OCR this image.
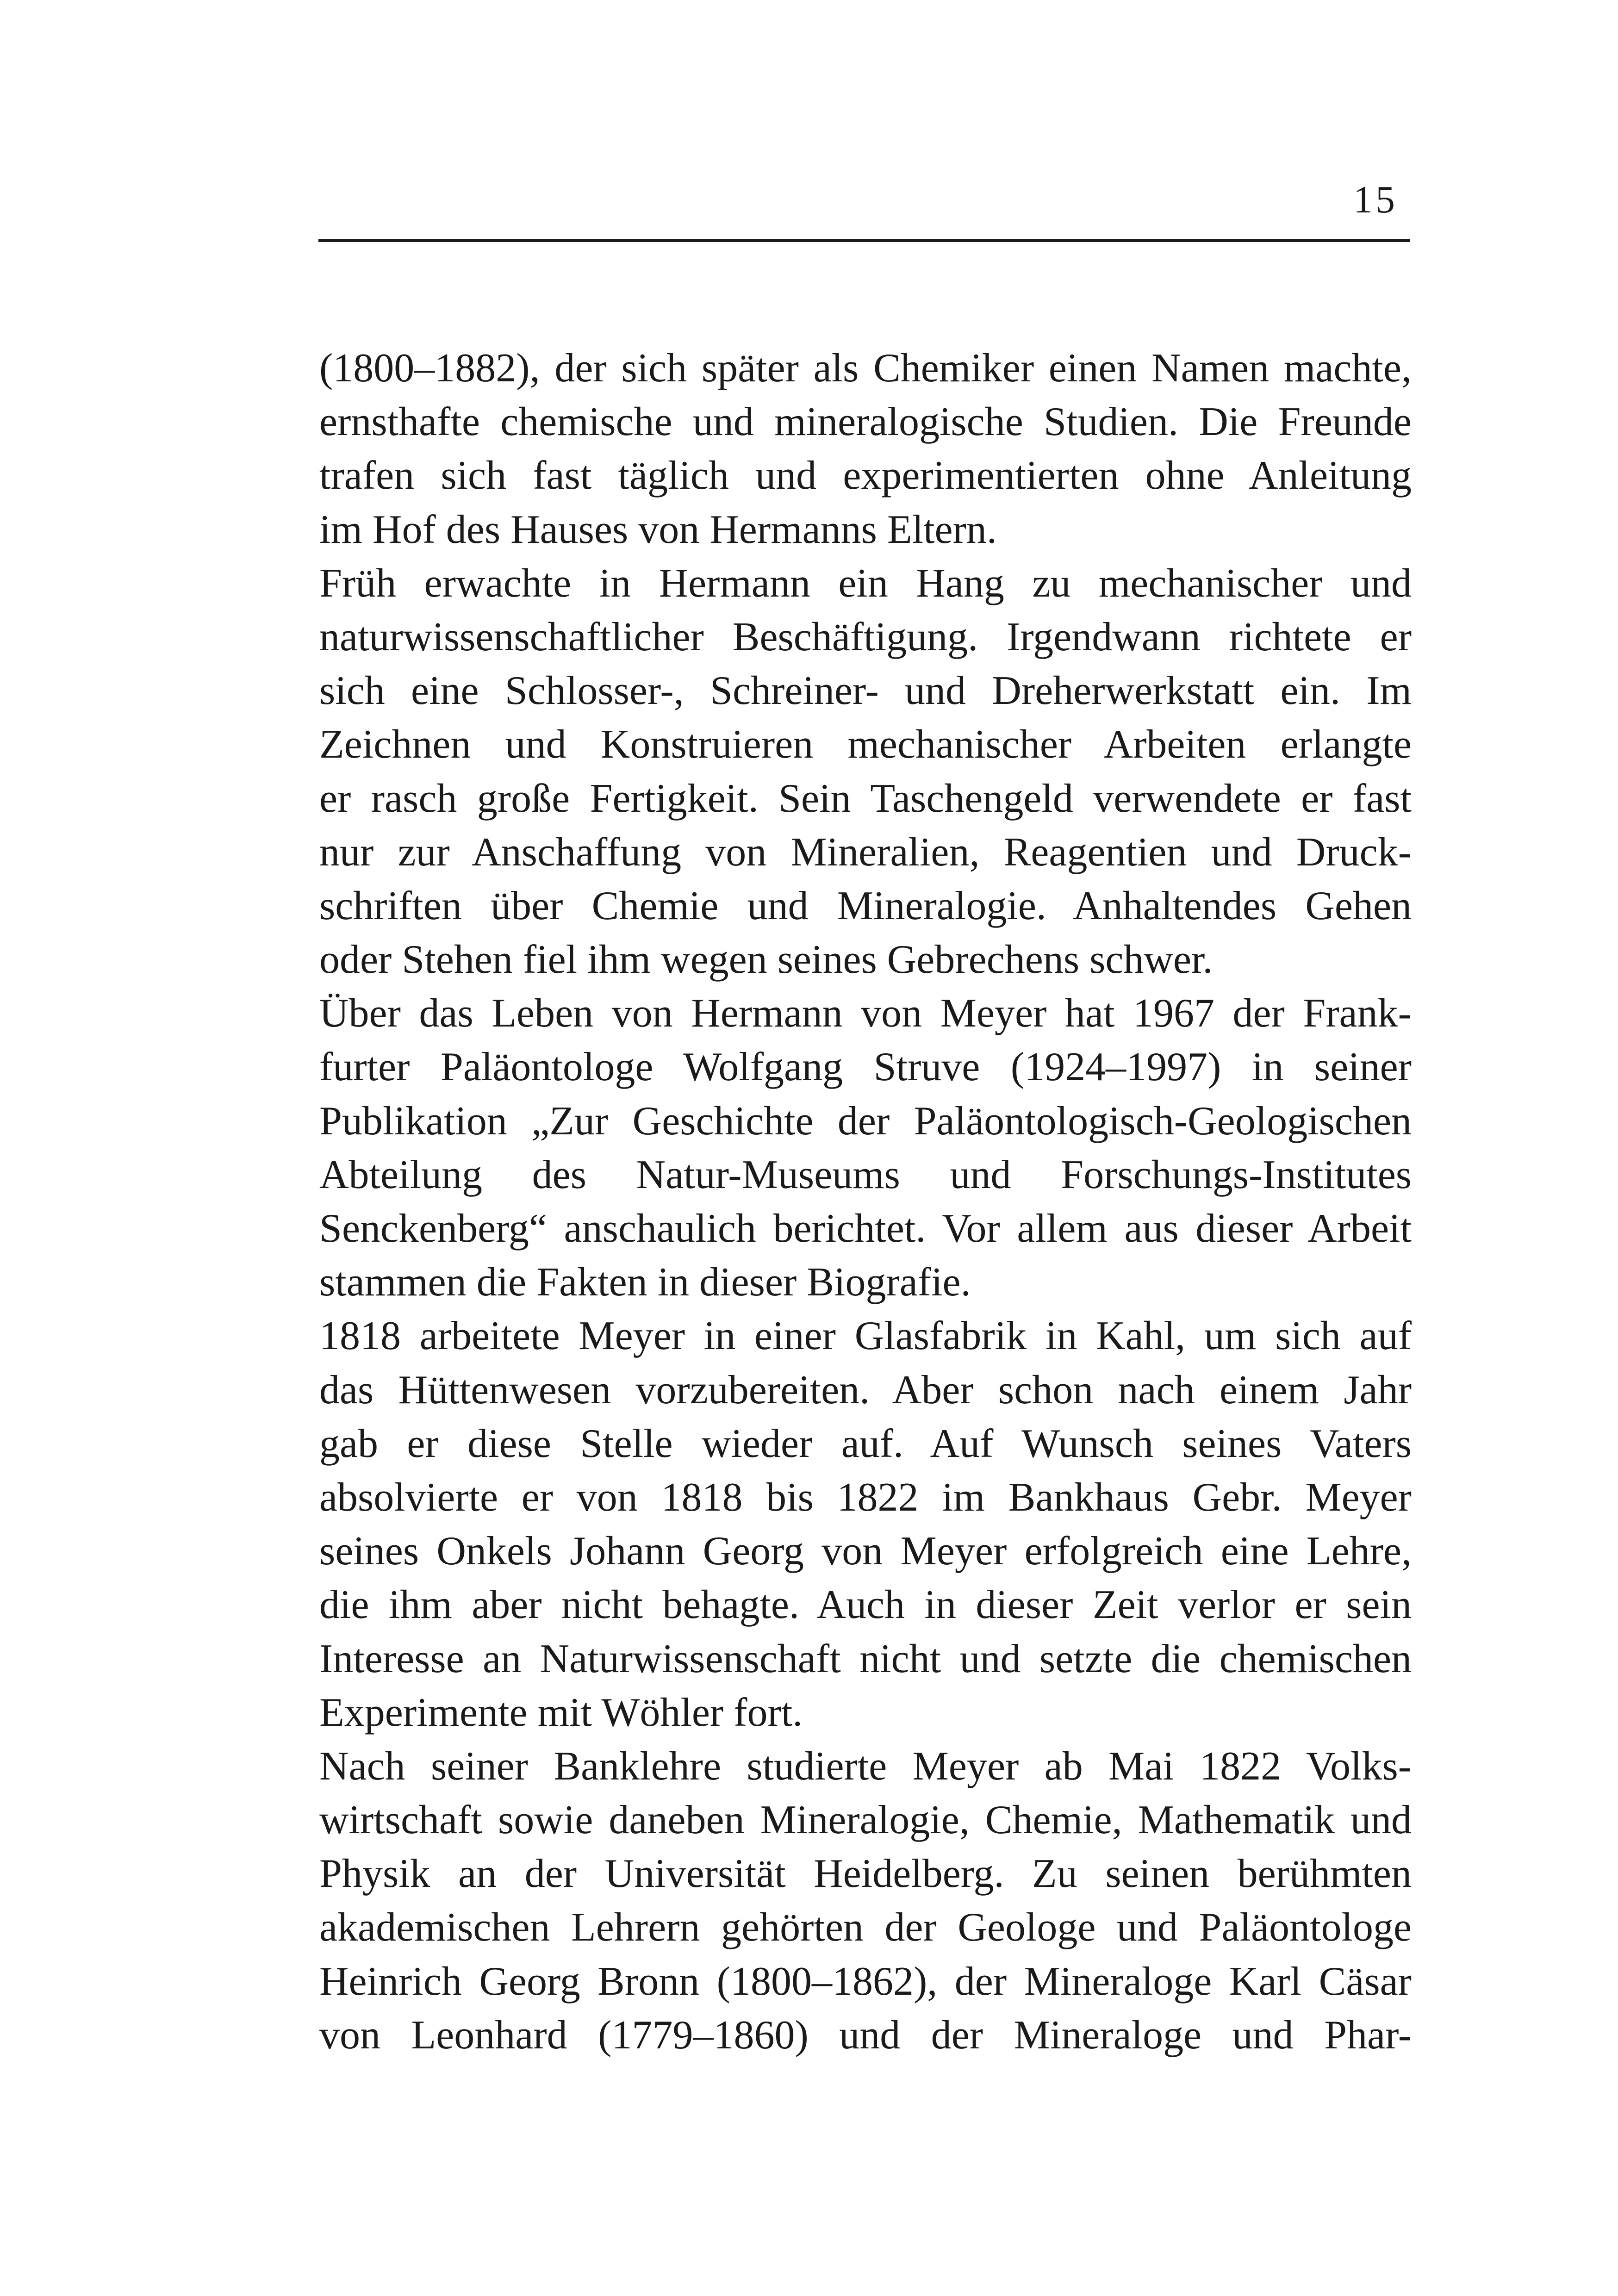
15
(1800–1882), der sich später als Chemiker einen Namen machte,
ernsthafte chemische und mineralogische Studien. Die Freunde
trafen sich fast täglich und experimentierten ohne Anleitung
im Hof des Hauses von Hermanns Eltern.
Früh erwachte in Hermann ein Hang zu mechanischer und
naturwissenschaftlicher Beschäftigung. Irgendwann richtete er
sich eine Schlosser-, Schreiner- und Dreherwerkstatt ein. Im
Zeichnen und Konstruieren mechanischer Arbeiten erlangte
er rasch große Fertigkeit. Sein Taschengeld verwendete er fast
nur zur Anschaffung von Mineralien, Reagentien und Druck-
schriften über Chemie und Mineralogie. Anhaltendes Gehen
oder Stehen fiel ihm wegen seines Gebrechens schwer.
Über das Leben von Hermann von Meyer hat 1967 der Frank-
furter Paläontologe Wolfgang Struve (1924–1997) in seiner
Publikation „Zur Geschichte der Paläontologisch-Geologischen
Abteilung des Natur-Museums und Forschungs-Institutes
Senckenberg“ anschaulich berichtet. Vor allem aus dieser Arbeit
stammen die Fakten in dieser Biografie.
1818 arbeitete Meyer in einer Glasfabrik in Kahl, um sich auf
das Hüttenwesen vorzubereiten. Aber schon nach einem Jahr
gab er diese Stelle wieder auf. Auf Wunsch seines Vaters
absolvierte er von 1818 bis 1822 im Bankhaus Gebr. Meyer
seines Onkels Johann Georg von Meyer erfolgreich eine Lehre,
die ihm aber nicht behagte. Auch in dieser Zeit verlor er sein
Interesse an Naturwissenschaft nicht und setzte die chemischen
Experimente mit Wöhler fort.
Nach seiner Banklehre studierte Meyer ab Mai 1822 Volks-
wirtschaft sowie daneben Mineralogie, Chemie, Mathematik und
Physik an der Universität Heidelberg. Zu seinen berühmten
akademischen Lehrern gehörten der Geologe und Paläontologe
Heinrich Georg Bronn (1800–1862), der Mineraloge Karl Cäsar
von Leonhard (1779–1860) und der Mineraloge und Phar-
